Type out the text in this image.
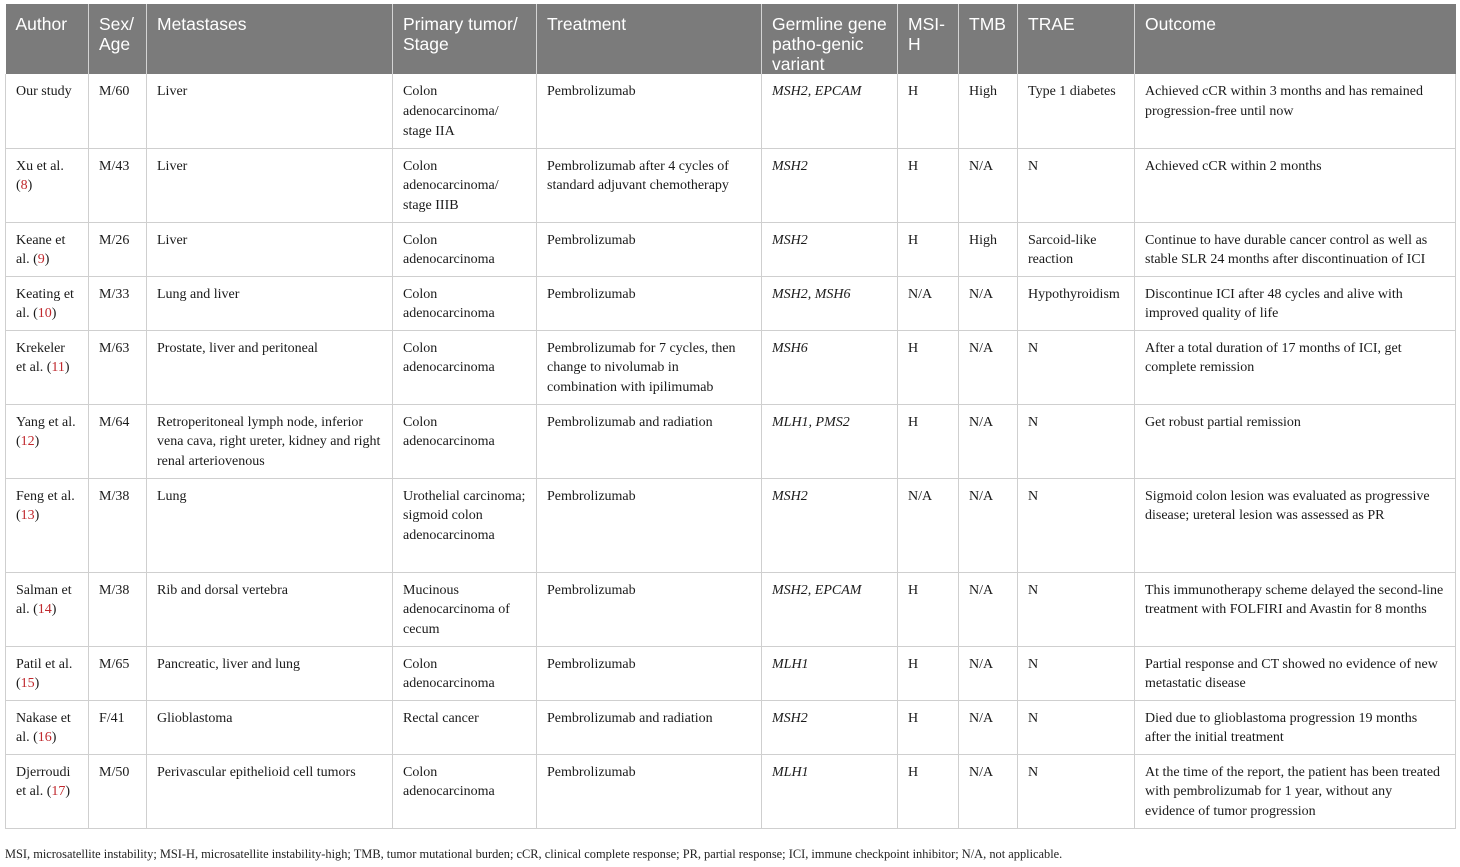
Author	Sex/ Age	Metastases	Primary tumor/ Stage	Treatment	Germline gene patho-genic variant	MSI-H	TMB	TRAE	Outcome
Our study	M/60	Liver	Colon adenocarcinoma/ stage IIA	Pembrolizumab	MSH2, EPCAM	H	High	Type 1 diabetes	Achieved cCR within 3 months and has remained progression-free until now
Xu et al. (8)	M/43	Liver	Colon adenocarcinoma/ stage IIIB	Pembrolizumab after 4 cycles of standard adjuvant chemotherapy	MSH2	H	N/A	N	Achieved cCR within 2 months
Keane et al. (9)	M/26	Liver	Colon adenocarcinoma	Pembrolizumab	MSH2	H	High	Sarcoid-like reaction	Continue to have durable cancer control as well as stable SLR 24 months after discontinuation of ICI
Keating et al. (10)	M/33	Lung and liver	Colon adenocarcinoma	Pembrolizumab	MSH2, MSH6	N/A	N/A	Hypothyroidism	Discontinue ICI after 48 cycles and alive with improved quality of life
Krekeler et al. (11)	M/63	Prostate, liver and peritoneal	Colon adenocarcinoma	Pembrolizumab for 7 cycles, then change to nivolumab in combination with ipilimumab	MSH6	H	N/A	N	After a total duration of 17 months of ICI, get complete remission
Yang et al. (12)	M/64	Retroperitoneal lymph node, inferior vena cava, right ureter, kidney and right renal arteriovenous	Colon adenocarcinoma	Pembrolizumab and radiation	MLH1, PMS2	H	N/A	N	Get robust partial remission
Feng et al. (13)	M/38	Lung	Urothelial carcinoma; sigmoid colon adenocarcinoma	Pembrolizumab	MSH2	N/A	N/A	N	Sigmoid colon lesion was evaluated as progressive disease; ureteral lesion was assessed as PR
Salman et al. (14)	M/38	Rib and dorsal vertebra	Mucinous adenocarcinoma of cecum	Pembrolizumab	MSH2, EPCAM	H	N/A	N	This immunotherapy scheme delayed the second-line treatment with FOLFIRI and Avastin for 8 months
Patil et al. (15)	M/65	Pancreatic, liver and lung	Colon adenocarcinoma	Pembrolizumab	MLH1	H	N/A	N	Partial response and CT showed no evidence of new metastatic disease
Nakase et al. (16)	F/41	Glioblastoma	Rectal cancer	Pembrolizumab and radiation	MSH2	H	N/A	N	Died due to glioblastoma progression 19 months after the initial treatment
Djerroudi et al. (17)	M/50	Perivascular epithelioid cell tumors	Colon adenocarcinoma	Pembrolizumab	MLH1	H	N/A	N	At the time of the report, the patient has been treated with pembrolizumab for 1 year, without any evidence of tumor progression
MSI, microsatellite instability; MSI-H, microsatellite instability-high; TMB, tumor mutational burden; cCR, clinical complete response; PR, partial response; ICI, immune checkpoint inhibitor; N/A, not applicable.
